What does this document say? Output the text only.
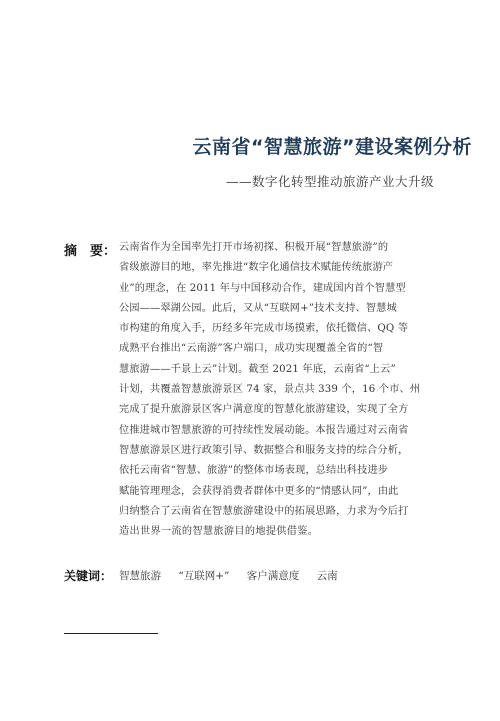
云南省“智慧旅游”建设案例分析
——数字化转型推动旅游产业大升级
摘　要： 云南省作为全国率先打开市场初探、积极开展“智慧旅游”的
省级旅游目的地，率先推进“数字化通信技术赋能传统旅游产
业”的理念，在 2011 年与中国移动合作，建成国内首个智慧型
公园——翠湖公园。此后，又从“互联网+”技术支持、智慧城
市构建的角度入手，历经多年完成市场摸索，依托微信、QQ 等
成熟平台推出“云南游”客户端口，成功实现覆盖全省的“智
慧旅游——千景上云”计划。截至 2021 年底，云南省“上云”
计划，共覆盖智慧旅游景区 74 家，景点共 339 个，16 个市、州
完成了提升旅游景区客户满意度的智慧化旅游建设，实现了全方
位推进城市智慧旅游的可持续性发展动能。本报告通过对云南省
智慧旅游景区进行政策引导、数据整合和服务支持的综合分析，
依托云南省“智慧、旅游”的整体市场表现，总结出科技进步
赋能管理理念，会获得消费者群体中更多的“情感认同”，由此
归纳整合了云南省在智慧旅游建设中的拓展思路，力求为今后打
造出世界一流的智慧旅游目的地提供借鉴。
关键词： 智慧旅游 “互联网+” 客户满意度 云南
